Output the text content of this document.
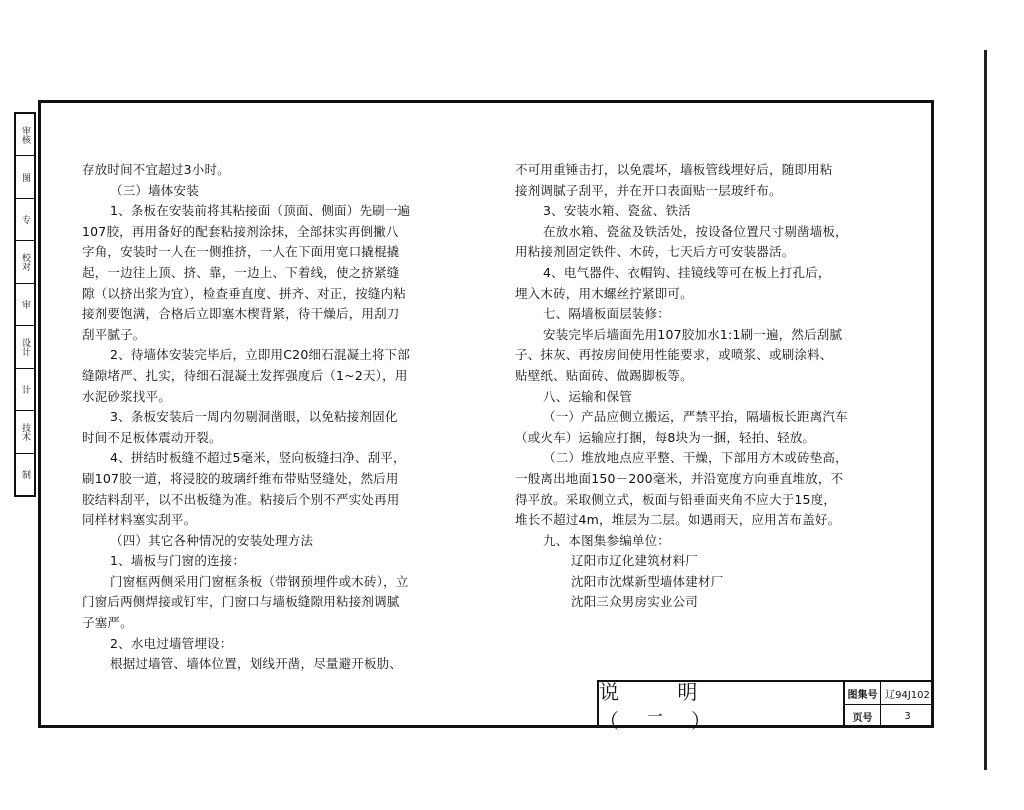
审核
图
专
校对
审
设计
计
技术
制

存放时间不宜超过3小时。

（三）墙体安装

1、条板在安装前将其粘接面（顶面、侧面）先刷一遍

107胶，再用备好的配套粘接剂涂抹，全部抹实再倒撇八

字角，安装时一人在一侧推挤，一人在下面用宽口撬棍撬

起，一边往上顶、挤、靠，一边上、下着线，使之挤紧缝

隙（以挤出浆为宜），检查垂直度、拼齐、对正，按缝内粘

接剂要饱满，合格后立即塞木楔背紧，待干燥后，用刮刀

刮平腻子。

2、待墙体安装完毕后，立即用C20细石混凝土将下部

缝隙堵严、扎实，待细石混凝土发挥强度后（1~2天），用

水泥砂浆找平。

3、条板安装后一周内勿剔洞凿眼，以免粘接剂固化

时间不足板体震动开裂。

4、拼结时板缝不超过5毫米，竖向板缝扫净、刮平，

刷107胶一道，将浸胶的玻璃纤维布带贴竖缝处，然后用

胶结料刮平，以不出板缝为准。粘接后个别不严实处再用

同样材料塞实刮平。

（四）其它各种情况的安装处理方法

1、墙板与门窗的连接：

门窗框两侧采用门窗框条板（带钢预埋件或木砖），立

门窗后两侧焊接或钉牢，门窗口与墙板缝隙用粘接剂调腻

子塞严。

2、水电过墙管埋设：

根据过墙管、墙体位置，划线开凿，尽量避开板肋、

不可用重锤击打，以免震坏，墙板管线埋好后，随即用粘

接剂调腻子刮平，并在开口表面贴一层玻纤布。

3、安装水箱、瓷盆、铁活

在放水箱、瓷盆及铁活处，按设备位置尺寸剔凿墙板，

用粘接剂固定铁件、木砖，七天后方可安装器活。

4、电气器件、衣帽钩、挂镜线等可在板上打孔后，

埋入木砖，用木螺丝拧紧即可。

七、隔墙板面层装修：

安装完毕后墙面先用107胶加水1:1刷一遍，然后刮腻

子、抹灰、再按房间使用性能要求，或喷浆、或刷涂料、

贴壁纸、贴面砖、做踢脚板等。

八、运输和保管

（一）产品应侧立搬运，严禁平抬，隔墙板长距离汽车

（或火车）运输应打捆，每8块为一捆，轻拍、轻放。

（二）堆放地点应平整、干燥，下部用方木或砖垫高，

一般离出地面150－200毫米，并沿宽度方向垂直堆放，不

得平放。采取侧立式，板面与铅垂面夹角不应大于15度，

堆长不超过4m，堆层为二层。如遇雨天，应用苫布盖好。

九、本图集参编单位：

辽阳市辽化建筑材料厂

沈阳市沈煤新型墙体建材厂

沈阳三众男房实业公司

说 明（二）
图集号 辽94J102
页号	3
